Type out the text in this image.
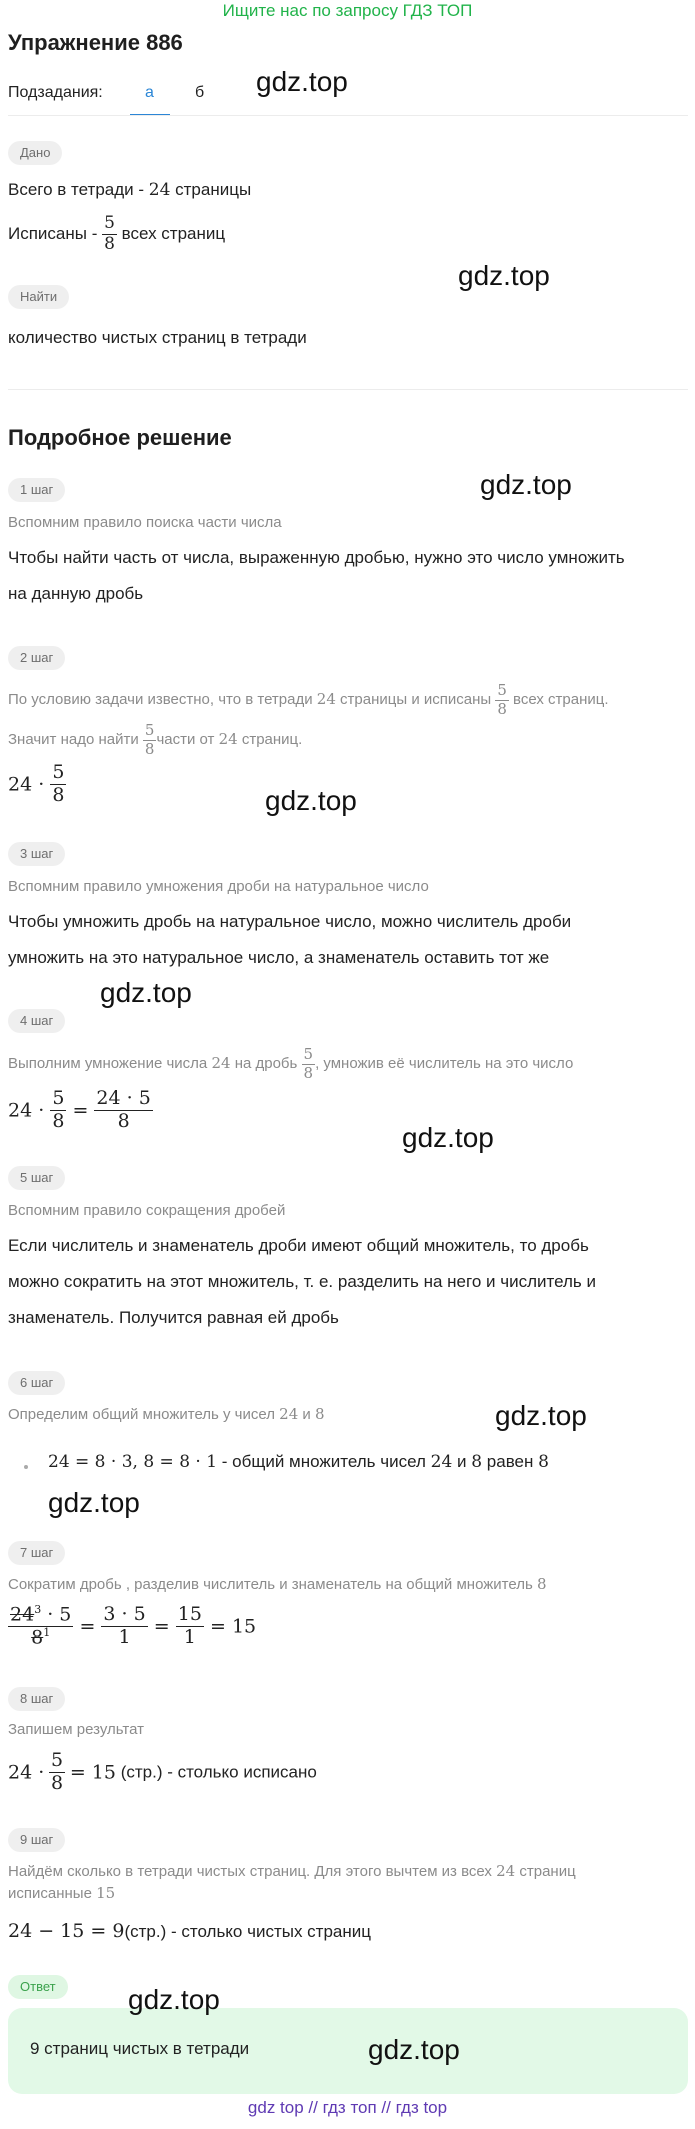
Ищите нас по запросу ГДЗ ТОП
Упражнение 886
Подзадания:	а	б
Дано
Всего в тетради - 24 страницы
Исписаны - $\frac{5}{8}$ всех страниц
Найти
количество чистых страниц в тетради
Подробное решение
1 шаг
Вспомним правило поиска части числа
Чтобы найти часть от числа, выраженную дробью, нужно это число умножить
на данную дробь
2 шаг
По условию задачи известно, что в тетради 24 страницы и исписаны $\frac{5}{8}$ всех страниц.
Значит надо найти $\frac{5}{8}$ части от 24 страниц.
$24 \cdot \frac{5}{8}$
3 шаг
Вспомним правило умножения дроби на натуральное число
Чтобы умножить дробь на натуральное число, можно числитель дроби
умножить на это натуральное число, а знаменатель оставить тот же
4 шаг
Выполним умножение числа 24 на дробь $\frac{5}{8}$ , умножив её числитель на это число
$24 \cdot \frac{5}{8} = \frac{24 \cdot 5}{8}$
5 шаг
Вспомним правило сокращения дробей
Если числитель и знаменатель дроби имеют общий множитель, то дробь
можно сократить на этот множитель, т. е. разделить на него и числитель и
знаменатель. Получится равная ей дробь
6 шаг
Определим общий множитель у чисел 24 и 8
24 = 8 · 3, 8 = 8 · 1 - общий множитель чисел 24 и 8 равен 8
7 шаг
Сократим дробь , разделив числитель и знаменатель на общий множитель 8
$\frac{24^3 \cdot 5}{8^1} = \frac{3 \cdot 5}{1} = \frac{15}{1} = 15$
8 шаг
Запишем результат
$24 \cdot \frac{5}{8} = 15$ (стр.) - столько исписано
9 шаг
Найдём сколько в тетради чистых страниц. Для этого вычтем из всех 24 страниц
исписанные 15
24 − 15 = 9(стр.) - столько чистых страниц
Ответ
9 страниц чистых в тетради
gdz top // гдз топ // гдз top
gdz.top
gdz.top
gdz.top
gdz.top
gdz.top
gdz.top
gdz.top
gdz.top
gdz.top
gdz.top
